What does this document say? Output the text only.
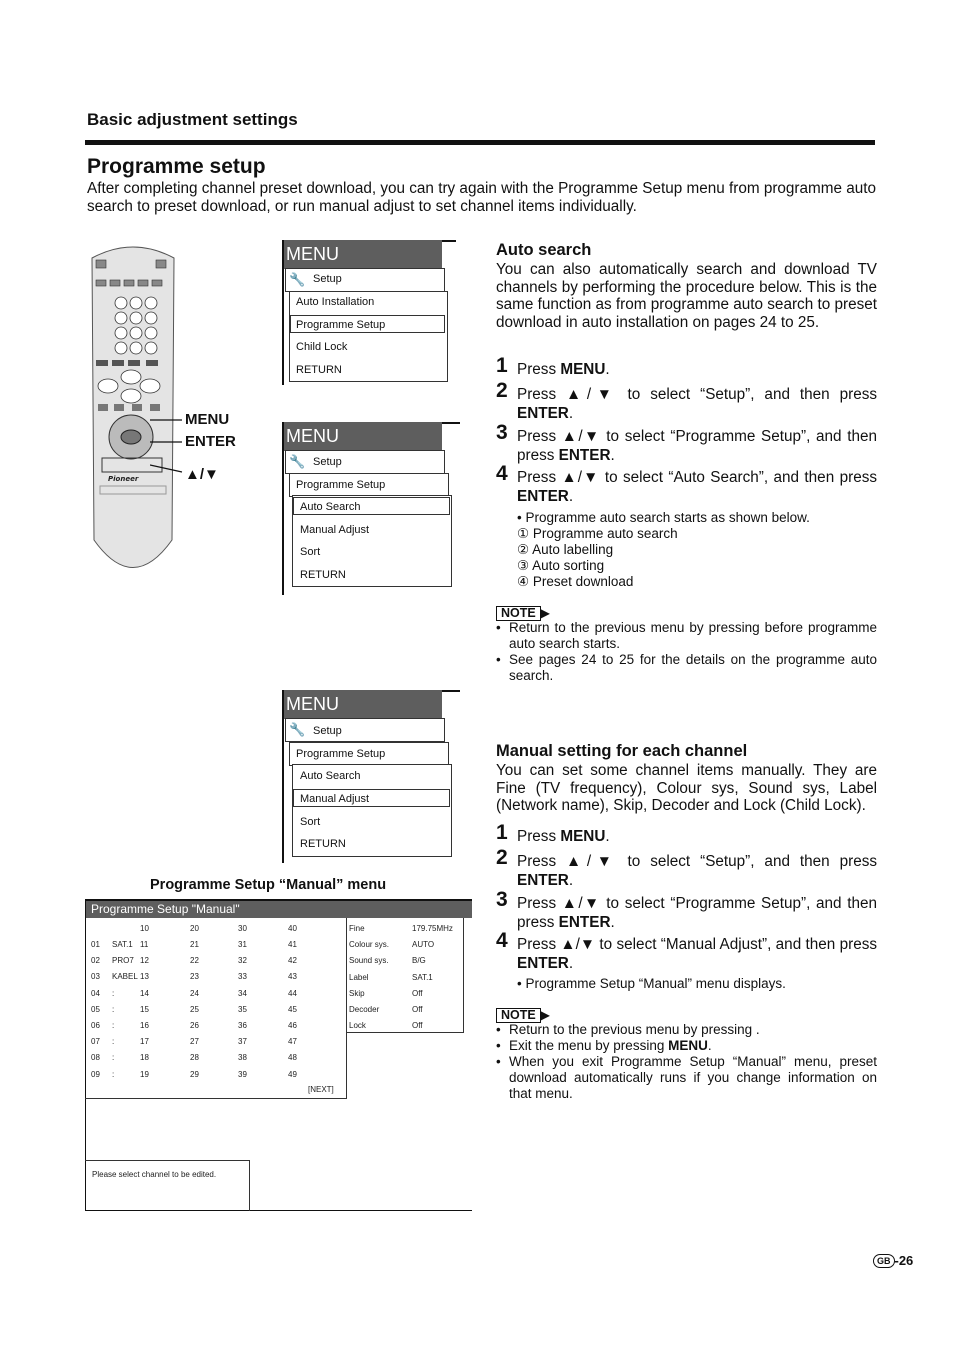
Basic adjustment settings
Programme setup
After completing channel preset download, you can try again with the Programme Setup menu from programme auto search to preset download, or run manual adjust to set channel items individually.
Pioneer
MENU
ENTER
▲/▼
MENU
🔧 Setup
Auto Installation
Programme Setup
Child Lock
RETURN
MENU
🔧 Setup
Programme Setup
Auto Search
Manual Adjust
Sort
RETURN
MENU
🔧 Setup
Programme Setup
Auto Search
Manual Adjust
Sort
RETURN
Programme Setup “Manual” menu
Programme Setup "Manual"
10	20	30	40
01 SAT.1 11	21	31	41
02 PRO7 12	22	32	42
03 KABEL 13	23	33	43
04 :	14	24	34	44
05 :	15	25	35	45
06 :	16	26	36	46
07 :	17	27	37	47
08 :	18	28	38	48
09 :	19	29	39	49
Fine	179.75MHz
Colour sys.	AUTO
Sound sys.	B/G
Label	SAT.1
Skip	Off
Decoder	Off
Lock	Off
[NEXT]
Please select channel to be edited.
Auto search
You can also automatically search and download TV channels by performing the procedure below. This is the same function as from programme auto search to preset download in auto installation on pages 24 to 25.
1 Press MENU.
2 Press ▲/▼ to select “Setup”, and then press ENTER.
3 Press ▲/▼ to select “Programme Setup”, and then press ENTER.
4 Press ▲/▼ to select “Auto Search”, and then press ENTER.
• Programme auto search starts as shown below.
① Programme auto search
② Auto labelling
③ Auto sorting
④ Preset download
NOTE ▶
• Return to the previous menu by pressing before programme auto search starts.
• See pages 24 to 25 for the details on the programme auto search.
Manual setting for each channel
You can set some channel items manually. They are Fine (TV frequency), Colour sys, Sound sys, Label (Network name), Skip, Decoder and Lock (Child Lock).
1 Press MENU.
2 Press ▲/▼ to select “Setup”, and then press ENTER.
3 Press ▲/▼ to select “Programme Setup”, and then press ENTER.
4 Press ▲/▼ to select “Manual Adjust”, and then press ENTER.
• Programme Setup “Manual” menu displays.
NOTE ▶
• Return to the previous menu by pressing .
• Exit the menu by pressing MENU.
• When you exit Programme Setup “Manual” menu, preset download automatically runs if you change information on that menu.
GB -26
